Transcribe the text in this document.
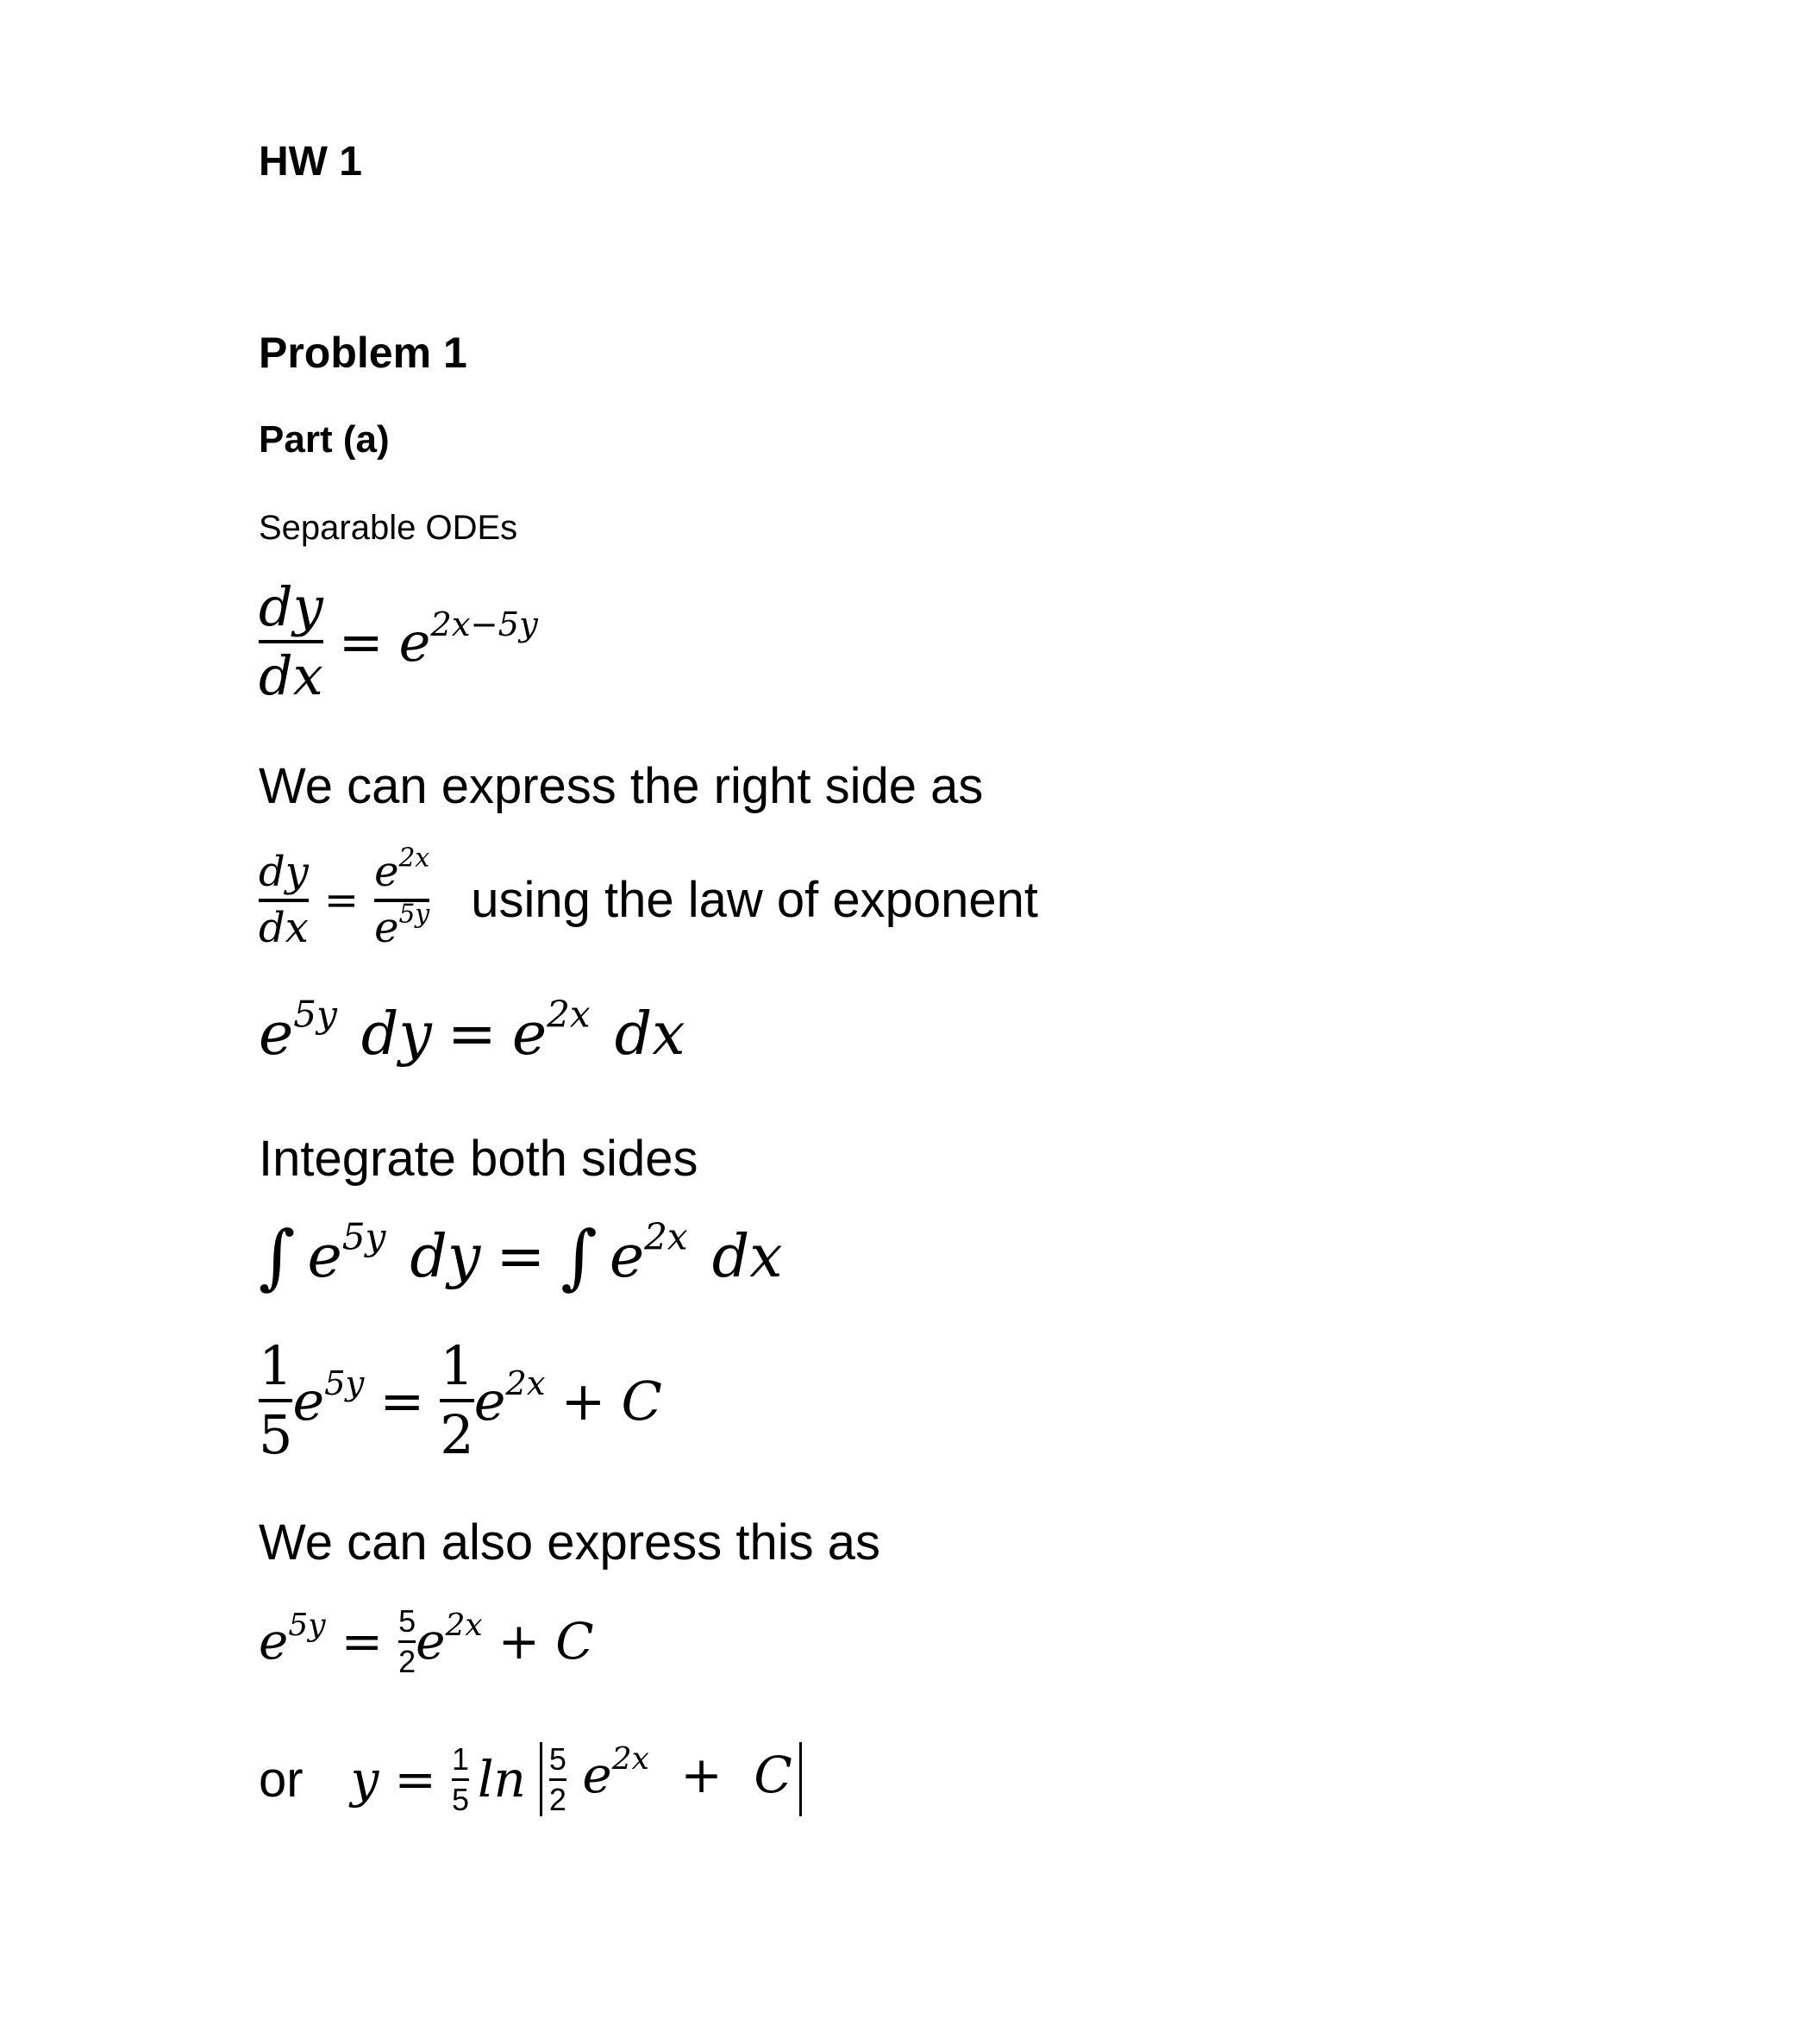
HW 1
Problem 1
Part (a)
Separable ODEs
$\frac{dy}{dx} = e^{2x-5y}$
We can express the right side as
$\frac{dy}{dx} = \frac{e^{2x}}{e^{5y}}$ using the law of exponent
$e^{5y}$ dy = $e^{2x}$ dx
Integrate both sides
∫ $e^{5y}$ dy = ∫ $e^{2x}$ dx
$\frac{1}{5} e^{5y} = \frac{1}{2} e^{2x} + C$
We can also express this as
$e^{5y} = \frac{5}{2} e^{2x} + C$
or $y = \frac{1}{5}$ $\ln \frac{5}{2} e^{2x} + C$
